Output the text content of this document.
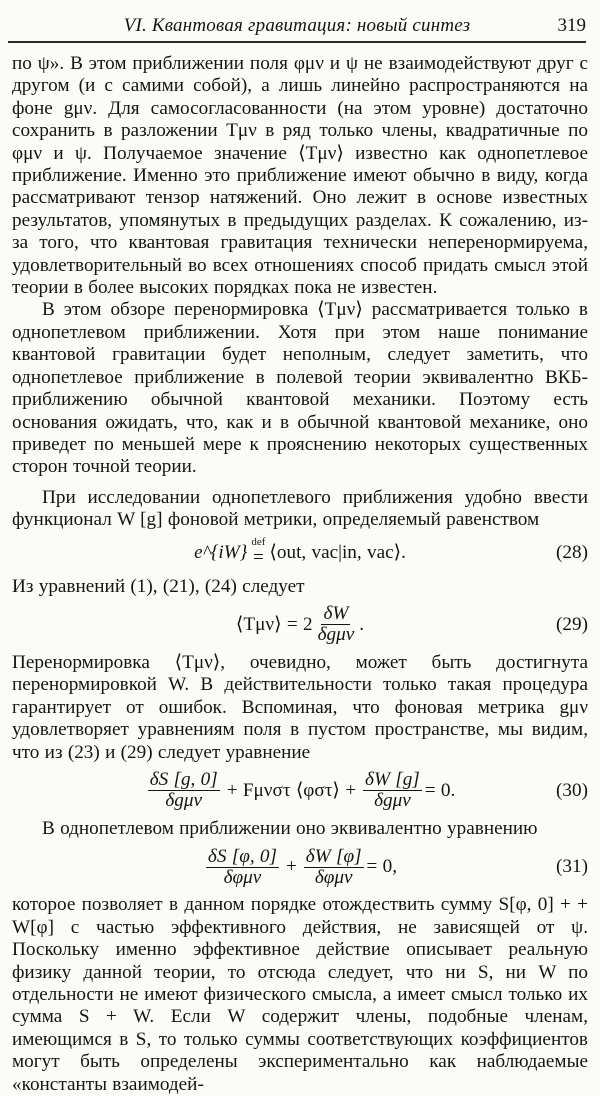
VI. Квантовая гравитация: новый синтез	319

по ψ». В этом приближении поля φμν и ψ не взаимодействуют друг с другом (и с самими собой), а лишь линейно распространяются на фоне gμν. Для самосогласованности (на этом уровне) достаточно сохранить в разложении Tμν в ряд только члены, квадратичные по φμν и ψ. Получаемое значение ⟨Tμν⟩ известно как однопетлевое приближение. Именно это приближение имеют обычно в виду, когда рассматривают тензор натяжений. Оно лежит в основе известных результатов, упомянутых в предыдущих разделах. К сожалению, из-за того, что квантовая гравитация технически неперенормируема, удовлетворительный во всех отношениях способ придать смысл этой теории в более высоких порядках пока не известен.

В этом обзоре перенормировка ⟨Tμν⟩ рассматривается только в однопетлевом приближении. Хотя при этом наше понимание квантовой гравитации будет неполным, следует заметить, что однопетлевое приближение в полевой теории эквивалентно ВКБ-приближению обычной квантовой механики. Поэтому есть основания ожидать, что, как и в обычной квантовой механике, оно приведет по меньшей мере к прояснению некоторых существенных сторон точной теории.

При исследовании однопетлевого приближения удобно ввести функционал W [g] фоновой метрики, определяемый равенством

e^{iW} def
= ⟨out, vac|in, vac⟩.	(28)

Из уравнений (1), (21), (24) следует

⟨Tμν⟩ = $2 \frac{\delta W}{\text{δgμν}}$ .	(29)

Перенормировка ⟨Tμν⟩, очевидно, может быть достигнута перенормировкой W. В действительности только такая процедура гарантирует от ошибок. Вспоминая, что фоновая метрика gμν удовлетворяет уравнениям поля в пустом пространстве, мы видим, что из (23) и (29) следует уравнение

$\frac{\delta S [g, 0]}{\text{δgμν}} + F\mu\nu\sigma\tau$ ⟨φστ⟩ + $\frac{\delta W [g]}{\text{δgμν}} = 0$.	(30)

В однопетлевом приближении оно эквивалентно уравнению

$\frac{\delta S [\varphi, 0]}{\text{δφμν}} + \frac{\delta W [\varphi]}{\text{δφμν}} = 0$,	(31)

которое позволяет в данном порядке отождествить сумму S[φ, 0] + + W[φ] с частью эффективного действия, не зависящей от ψ. Поскольку именно эффективное действие описывает реальную физику данной теории, то отсюда следует, что ни S, ни W по отдельности не имеют физического смысла, а имеет смысл только их сумма S + W. Если W содержит члены, подобные членам, имеющимся в S, то только суммы соответствующих коэффициентов могут быть определены экспериментально как наблюдаемые «константы взаимодей-
